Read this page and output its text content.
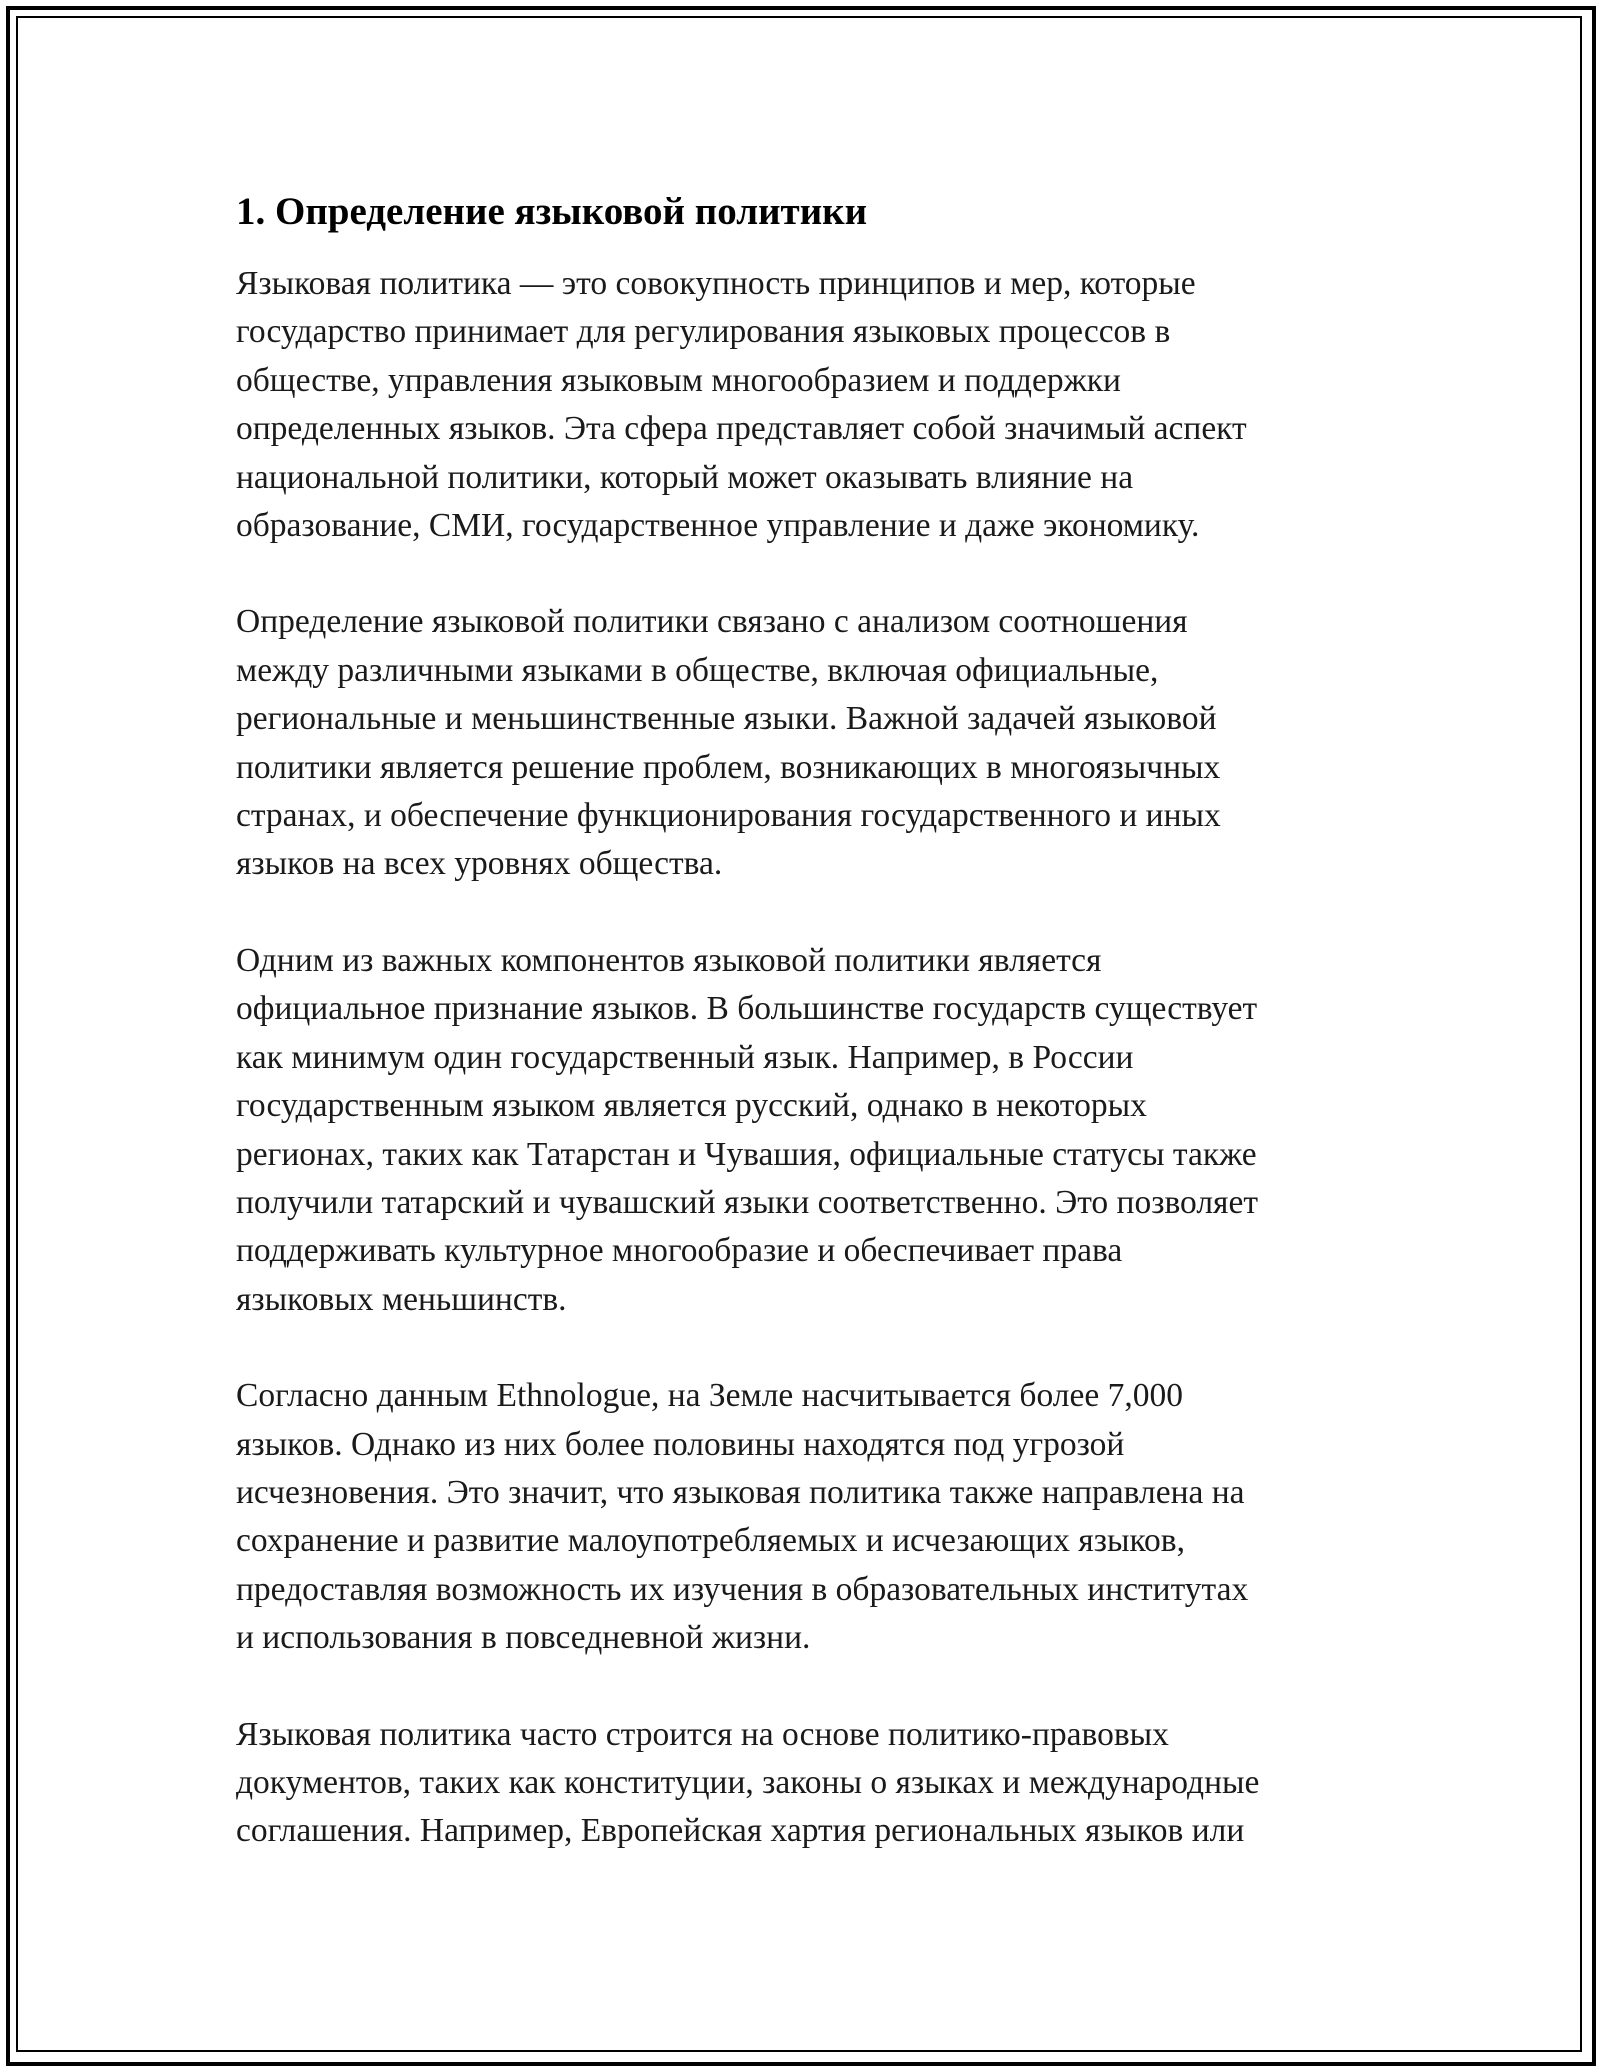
1. Определение языковой политики

Языковая политика — это совокупность принципов и мер, которые
государство принимает для регулирования языковых процессов в
обществе, управления языковым многообразием и поддержки
определенных языков. Эта сфера представляет собой значимый аспект
национальной политики, который может оказывать влияние на
образование, СМИ, государственное управление и даже экономику.

Определение языковой политики связано с анализом соотношения
между различными языками в обществе, включая официальные,
региональные и меньшинственные языки. Важной задачей языковой
политики является решение проблем, возникающих в многоязычных
странах, и обеспечение функционирования государственного и иных
языков на всех уровнях общества.

Одним из важных компонентов языковой политики является
официальное признание языков. В большинстве государств существует
как минимум один государственный язык. Например, в России
государственным языком является русский, однако в некоторых
регионах, таких как Татарстан и Чувашия, официальные статусы также
получили татарский и чувашский языки соответственно. Это позволяет
поддерживать культурное многообразие и обеспечивает права
языковых меньшинств.

Согласно данным Ethnologue, на Земле насчитывается более 7,000
языков. Однако из них более половины находятся под угрозой
исчезновения. Это значит, что языковая политика также направлена на
сохранение и развитие малоупотребляемых и исчезающих языков,
предоставляя возможность их изучения в образовательных институтах
и использования в повседневной жизни.

Языковая политика часто строится на основе политико-правовых
документов, таких как конституции, законы о языках и международные
соглашения. Например, Европейская хартия региональных языков или
